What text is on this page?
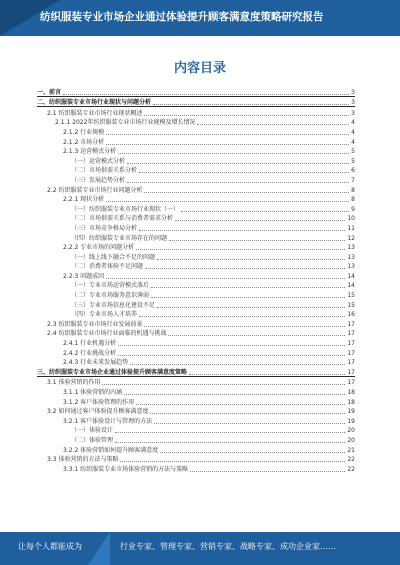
纺织服装专业市场企业通过体验提升顾客满意度策略研究报告
内容目录
一、前言	3
二、纺织服装专业市场行业现状与问题分析	3
2.1 纺织服装专业市场行业现状概述	3
2.1.1 2022年纺织服装专业市场行业规模及增长情况	4
2.1.2 行业规模	4
2.1.2 市场分析	4
2.1.3 运营模式分析	5
（一）运营模式分析	5
（二）市场供需关系分析	6
（三）发展趋势分析	7
2.2 纺织服装专业市场行业问题分析	8
2.2.1 现状分析	8
（一）纺织服装专业市场行业现状（一）	9
（二）市场供需关系与消费者需求分析	10
（三）市场竞争格局分析	11
（四）纺织服装专业市场存在的问题	12
2.2.2 专业市场的问题分析	13
（一）线上线下融合不足的问题	13
（二）消费者体验不足问题	13
2.2.3 问题成因	14
（一）专业市场运营模式落后	14
（二）专业市场服务意识薄弱	15
（三）专业市场信息化建设不足	15
（四）专业市场人才培养	16
2.3 纺织服装专业市场行业发展前景	17
2.4 纺织服装专业市场行业面临的机遇与挑战	17
2.4.1 行业机遇分析	17
2.4.2 行业挑战分析	17
2.4.3 行业未来发展趋势	17
三、纺织服装专业市场企业通过体验提升顾客满意度策略	17
3.1 体验营销的作用	17
3.1.1 体验营销的内涵	18
3.1.2 客户体验管理的作用	18
3.2 如何通过客户体验提升顾客满意度	19
3.2.1 客户体验设计与管理的方法	19
（一）体验设计	20
（二）体验管理	20
3.2.2 体验营销如何提升顾客满意度	21
3.3 体验营销的方法与策略	22
3.3.1 纺织服装专业市场体验营销的方法与策略	22
让每个人都能成为	行业专家、管理专家、营销专家、战略专家、成功企业家……
